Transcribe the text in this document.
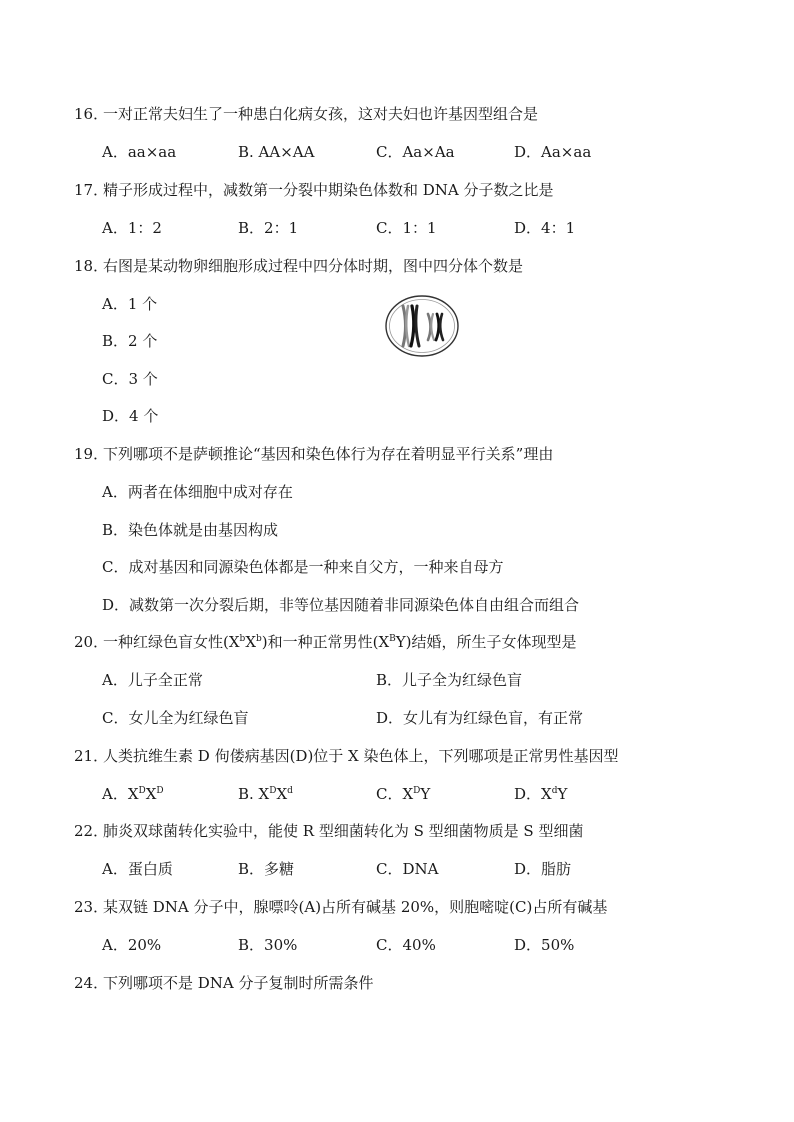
16．一对正常夫妇生了一种患白化病女孩，这对夫妇也许基因型组合是
A．aa×aa	B. AA×AA	C．Aa×Aa	D．Aa×aa
17．精子形成过程中，减数第一分裂中期染色体数和 DNA 分子数之比是
A．1：2	B．2：1	C．1：1	D．4：1
18．右图是某动物卵细胞形成过程中四分体时期，图中四分体个数是
A．1 个
B．2 个
C．3 个
D．4 个
19．下列哪项不是萨顿推论“基因和染色体行为存在着明显平行关系”理由
A．两者在体细胞中成对存在
B．染色体就是由基因构成
C．成对基因和同源染色体都是一种来自父方，一种来自母方
D．减数第一次分裂后期，非等位基因随着非同源染色体自由组合而组合
20．一种红绿色盲女性$(X^bX^b)$和一种正常男性$(X^BY)$结婚，所生子女体现型是
A．儿子全正常	B．儿子全为红绿色盲
C．女儿全为红绿色盲	D．女儿有为红绿色盲，有正常
21．人类抗维生素 D 佝偻病基因(D)位于 X 染色体上，下列哪项是正常男性基因型
A．$X^DX^D$	B. $X^DX^d$	C．$X^DY$	D．$X^dY$
22．肺炎双球菌转化实验中，能使 R 型细菌转化为 S 型细菌物质是 S 型细菌
A．蛋白质	B．多糖	C．DNA	D．脂肪
23．某双链 DNA 分子中，腺嘌呤(A)占所有碱基 20%，则胞嘧啶(C)占所有碱基
A．20%	B．30%	C．40%	D．50%
24．下列哪项不是 DNA 分子复制时所需条件
